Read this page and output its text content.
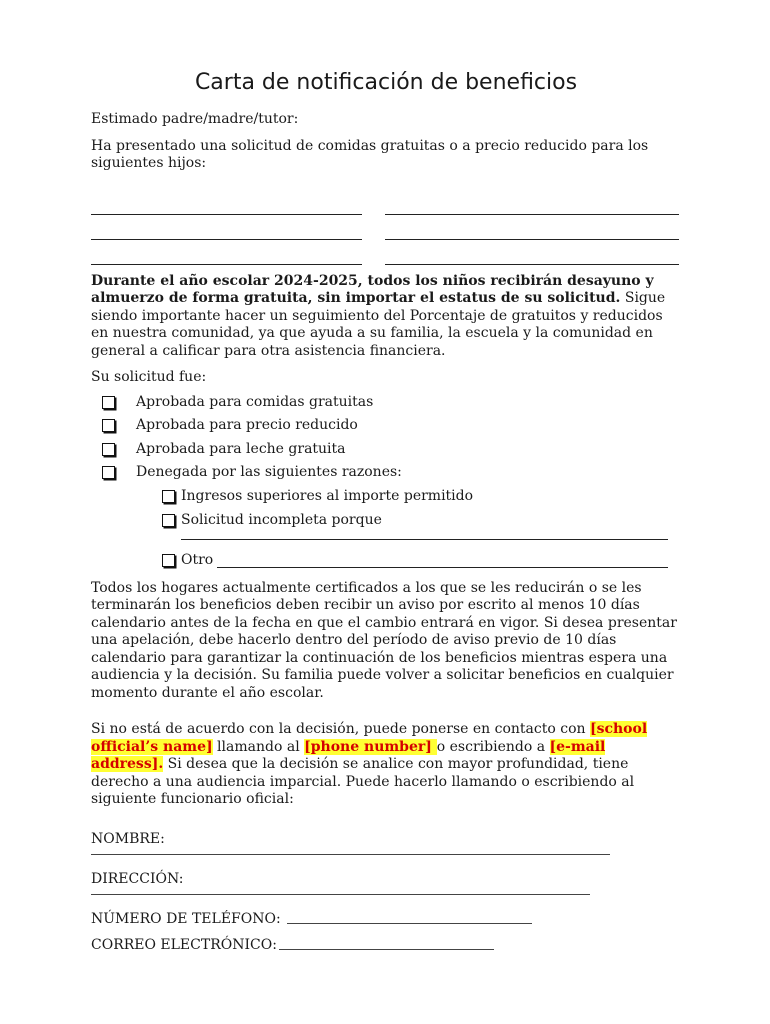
Carta de notificación de beneficios

Estimado padre/madre/tutor:

Ha presentado una solicitud de comidas gratuitas o a precio reducido para los siguientes hijos:

Durante el año escolar 2024-2025, todos los niños recibirán desayuno y almuerzo de forma gratuita, sin importar el estatus de su solicitud. Sigue siendo importante hacer un seguimiento del Porcentaje de gratuitos y reducidos en nuestra comunidad, ya que ayuda a su familia, la escuela y la comunidad en general a calificar para otra asistencia financiera.

Su solicitud fue:

Aprobada para comidas gratuitas
Aprobada para precio reducido
Aprobada para leche gratuita
Denegada por las siguientes razones:
Ingresos superiores al importe permitido
Solicitud incompleta porque
Otro

Todos los hogares actualmente certificados a los que se les reducirán o se les terminarán los beneficios deben recibir un aviso por escrito al menos 10 días calendario antes de la fecha en que el cambio entrará en vigor. Si desea presentar una apelación, debe hacerlo dentro del período de aviso previo de 10 días calendario para garantizar la continuación de los beneficios mientras espera una audiencia y la decisión. Su familia puede volver a solicitar beneficios en cualquier momento durante el año escolar.

Si no está de acuerdo con la decisión, puede ponerse en contacto con [school official’s name] llamando al [phone number] o escribiendo a [e-mail address]. Si desea que la decisión se analice con mayor profundidad, tiene derecho a una audiencia imparcial. Puede hacerlo llamando o escribiendo al siguiente funcionario oficial:

NOMBRE:
DIRECCIÓN:
NÚMERO DE TELÉFONO:
CORREO ELECTRÓNICO:
